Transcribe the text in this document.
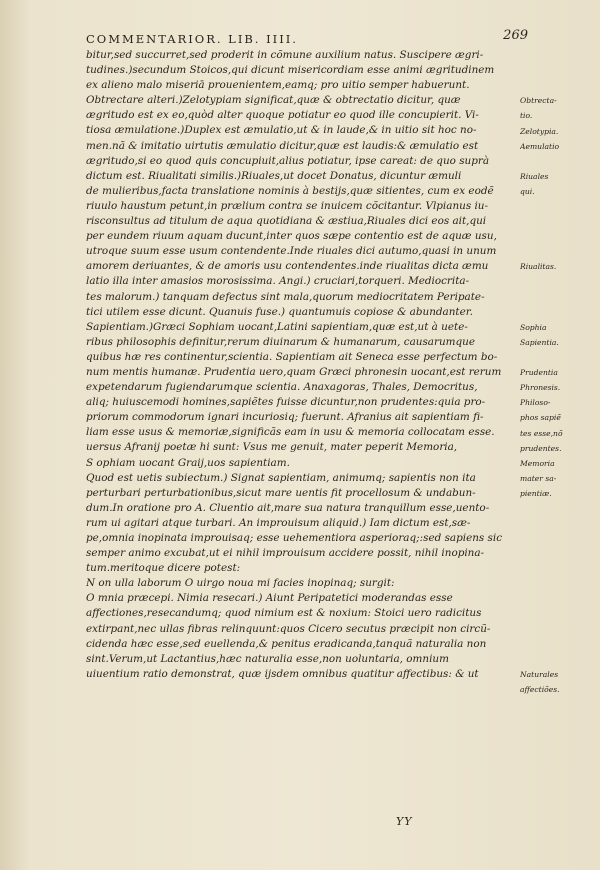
COMMENTARIOR. LIB. IIII.	269
bitur,sed succurret,sed proderit in cõmune auxilium natus. Suscipere ægri-
tudines.)secundum Stoicos,qui dicunt misericordiam esse animi ægritudinem
ex alieno malo miseriā prouenientem,eamq; pro uitio semper habuerunt.
Obtrectare alteri.)Zelotypiam significat,quæ & obtrectatio dicitur, quæ
ægritudo est ex eo,quòd alter quoque potiatur eo quod ille concupierit. Vi-
tiosa æmulatione.)Duplex est æmulatio,ut & in laude,& in uitio sit hoc no-
men.nã & imitatio uirtutis æmulatio dicitur,quæ est laudis:& æmulatio est
ægritudo,si eo quod quis concupiuit,alius potiatur, ipse careat: de quo suprà
dictum est. Riualitati similis.)Riuales,ut docet Donatus, dicuntur æmuli
de mulieribus,facta translatione nominis à bestijs,quæ sitientes, cum ex eodẽ
riuulo haustum petunt,in prælium contra se inuicem cõcitantur. Vlpianus iu-
risconsultus ad titulum de aqua quotidiana & æstiua,Riuales dici eos ait,qui
per eundem riuum aquam ducunt,inter quos sæpe contentio est de aquæ usu,
utroque suum esse usum contendente.Inde riuales dici autumo,quasi in unum
amorem deriuantes, & de amoris usu contendentes.inde riualitas dicta æmu
latio illa inter amasios morosissima. Angi.) cruciari,torqueri. Mediocrita-
tes malorum.) tanquam defectus sint mala,quorum mediocritatem Peripate-
tici utilem esse dicunt. Quanuis fuse.) quantumuis copiose & abundanter.
Sapientiam.)Græci Sophiam uocant,Latini sapientiam,quæ est,ut à uete-
ribus philosophis definitur,rerum diuinarum & humanarum, causarumque
quibus hæ res continentur,scientia. Sapientiam ait Seneca esse perfectum bo-
num mentis humanæ. Prudentia uero,quam Græci phronesin uocant,est rerum
expetendarum fugiendarumque scientia. Anaxagoras, Thales, Democritus,
aliq; huiuscemodi homines,sapiẽtes fuisse dicuntur,non prudentes:quia pro-
priorum commodorum ignari incuriosiq; fuerunt. Afranius ait sapientiam fi-
liam esse usus & memoriæ,significãs eam in usu & memoria collocatam esse.
uersus Afranij poetæ hi sunt: Vsus me genuit, mater peperit Memoria,
S ophiam uocant Graij,uos sapientiam.
Quod est uetis subiectum.) Signat sapientiam, animumq; sapientis non ita
perturbari perturbationibus,sicut mare uentis fit procellosum & undabun-
dum.In oratione pro A. Cluentio ait,mare sua natura tranquillum esse,uento-
rum ui agitari atque turbari. An improuisum aliquid.) Iam dictum est,sæ-
pe,omnia inopinata improuisaq; esse uehementiora asperioraq;:sed sapiens sic
semper animo excubat,ut ei nihil improuisum accidere possit, nihil inopina-
tum.meritoque dicere potest:
N on ulla laborum O uirgo noua mi facies inopinaq; surgit:
O mnia præcepi. Nimia resecari.) Aiunt Peripatetici moderandas esse
affectiones,resecandumq; quod nimium est & noxium: Stoici uero radicitus
extirpant,nec ullas fibras relinquunt:quos Cicero secutus præcipit non circũ-
cidenda hæc esse,sed euellenda,& penitus eradicanda,tanquã naturalia non
sint.Verum,ut Lactantius,hæc naturalia esse,non uoluntaria, omnium
uiuentium ratio demonstrat, quæ ijsdem omnibus quatitur affectibus: & ut
Obtrecta-
tio.
Zelotypia.
Aemulatio
Riuales
qui.
Riualitas.
Sophia
Sapientia.
Prudentia
Phronesis.
Philoso-
phos sapiẽ
tes esse,nõ
prudentes.
Memoria
mater sa-
pientiæ.
Naturales
affectiões.
YY
